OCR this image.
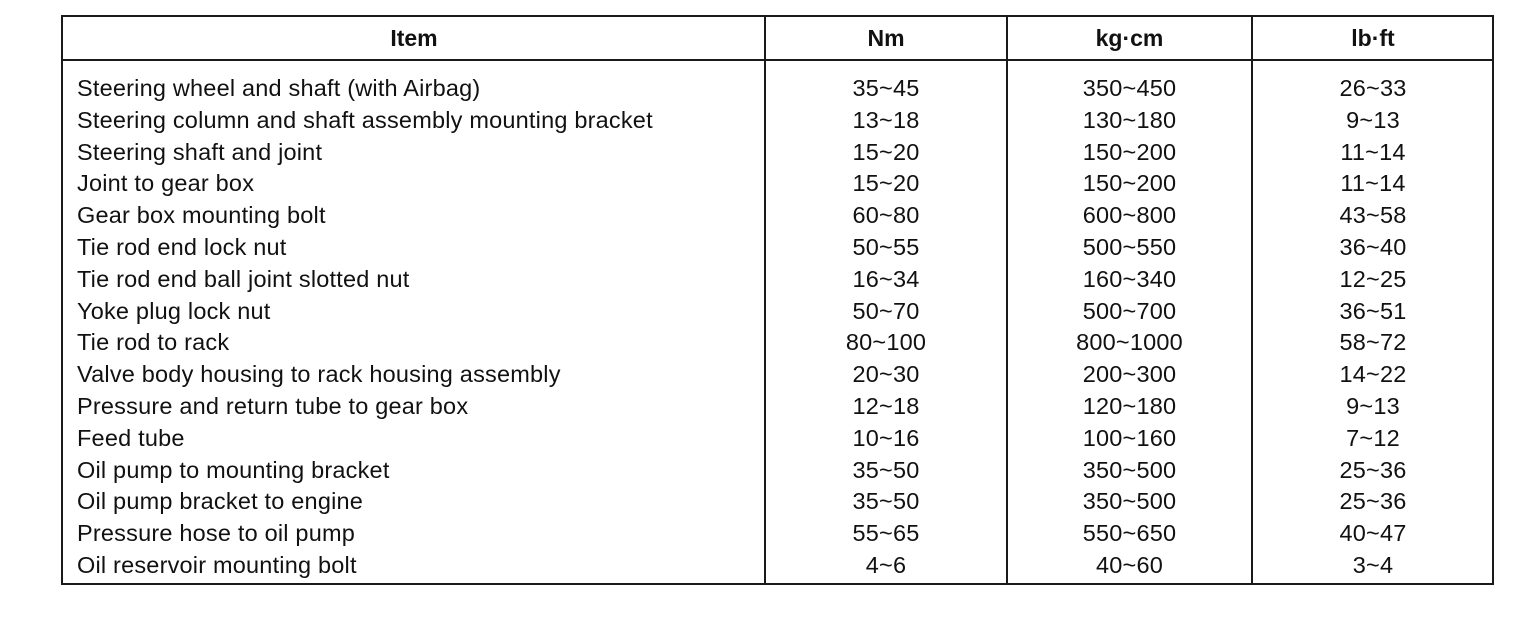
Item	Nm	kg·cm	lb·ft
Steering wheel and shaft (with Airbag)	35~45	350~450	26~33
Steering column and shaft assembly mounting bracket	13~18	130~180	9~13
Steering shaft and joint	15~20	150~200	11~14
Joint to gear box	15~20	150~200	11~14
Gear box mounting bolt	60~80	600~800	43~58
Tie rod end lock nut	50~55	500~550	36~40
Tie rod end ball joint slotted nut	16~34	160~340	12~25
Yoke plug lock nut	50~70	500~700	36~51
Tie rod to rack	80~100	800~1000	58~72
Valve body housing to rack housing assembly	20~30	200~300	14~22
Pressure and return tube to gear box	12~18	120~180	9~13
Feed tube	10~16	100~160	7~12
Oil pump to mounting bracket	35~50	350~500	25~36
Oil pump bracket to engine	35~50	350~500	25~36
Pressure hose to oil pump	55~65	550~650	40~47
Oil reservoir mounting bolt	4~6	40~60	3~4
